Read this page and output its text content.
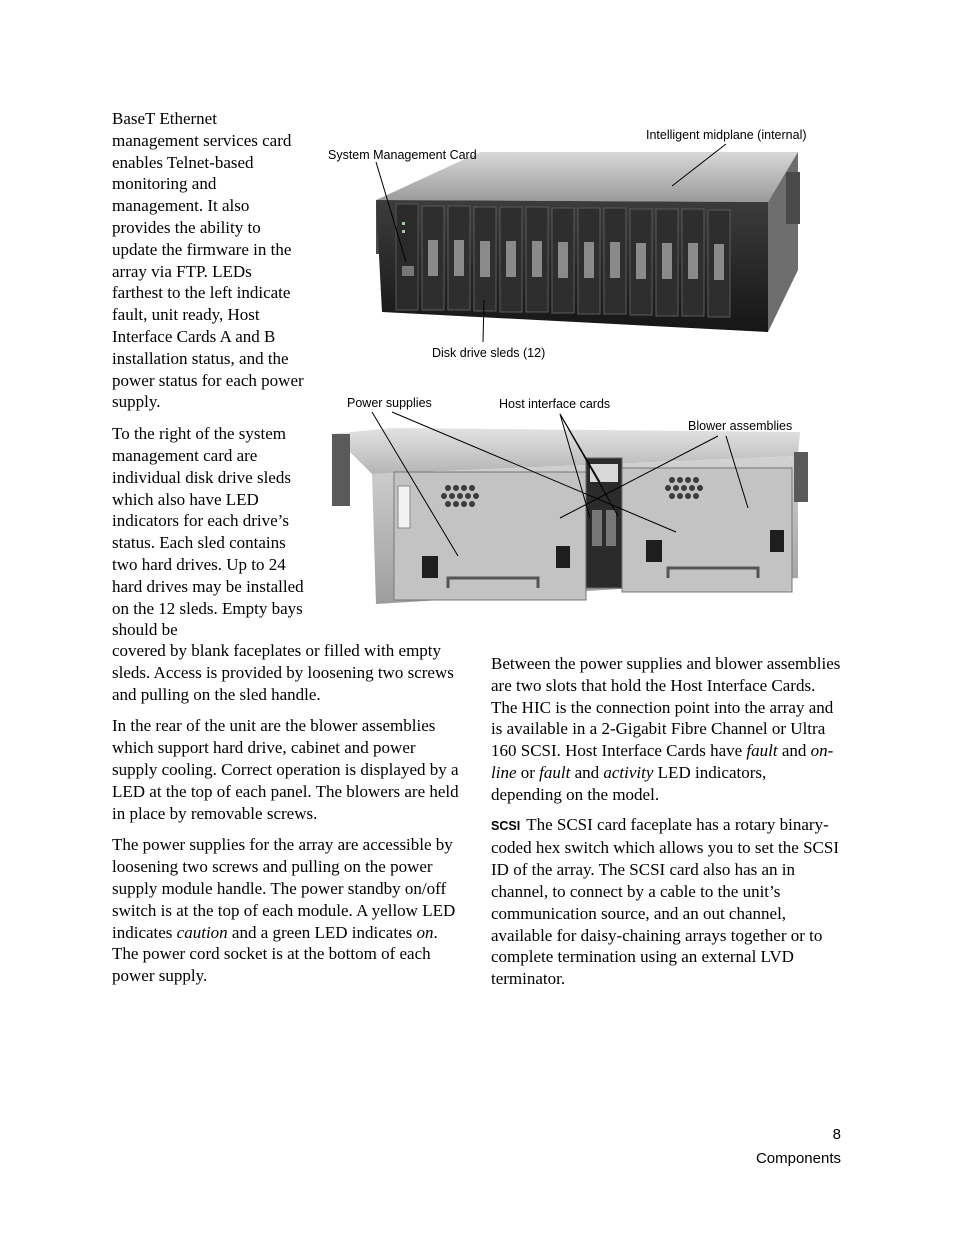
BaseT Ethernet management services card enables Telnet-based monitoring and management. It also provides the ability to update the firmware in the array via FTP. LEDs farthest to the left indicate fault, unit ready, Host Interface Cards A and B installation status, and the power status for each power supply.

To the right of the system management card are individual disk drive sleds which also have LED indicators for each drive’s status. Each sled contains two hard drives. Up to 24 hard drives may be installed on the 12 sleds. Empty bays should be

covered by blank faceplates or filled with empty sleds. Access is provided by loosening two screws and pulling on the sled handle.

In the rear of the unit are the blower assemblies which support hard drive, cabinet and power supply cooling. Correct operation is displayed by a LED at the top of each panel. The blowers are held in place by removable screws.

The power supplies for the array are accessible by loosening two screws and pulling on the power supply module handle. The power standby on/off switch is at the top of each module. A yellow LED indicates caution and a green LED indicates on. The power cord socket is at the bottom of each power supply.

Between the power supplies and blower assemblies are two slots that hold the Host Interface Cards. The HIC is the connection point into the array and is available in a 2-Gigabit Fibre Channel or Ultra 160 SCSI. Host Interface Cards have fault and on-line or fault and activity LED indicators, depending on the model.

SCSI The SCSI card faceplate has a rotary binary-coded hex switch which allows you to set the SCSI ID of the array. The SCSI card also has an in channel, to connect by a cable to the unit’s communication source, and an out channel, available for daisy-chaining arrays together or to complete termination using an external LVD terminator.

System Management Card
Intelligent midplane (internal)
Disk drive sleds (12)
Power supplies	Host interface cards
Blower assemblies
8
Components
